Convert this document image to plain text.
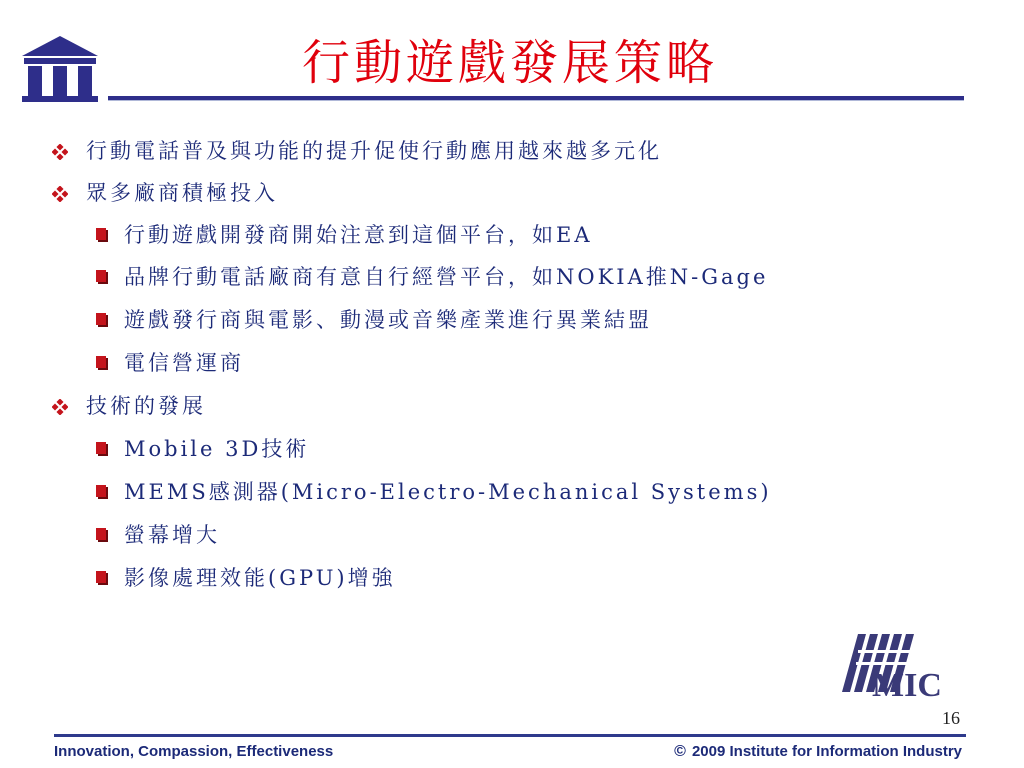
行動遊戲發展策略
行動電話普及與功能的提升促使行動應用越來越多元化
眾多廠商積極投入
行動遊戲開發商開始注意到這個平台，如EA
品牌行動電話廠商有意自行經營平台，如NOKIA推N-Gage
遊戲發行商與電影、動漫或音樂產業進行異業結盟
電信營運商
技術的發展
Mobile 3D技術
MEMS感測器(Micro-Electro-Mechanical Systems)
螢幕增大
影像處理效能(GPU)增強
MIC
16
Innovation, Compassion, Effectiveness	© 2009 Institute for Information Industry
